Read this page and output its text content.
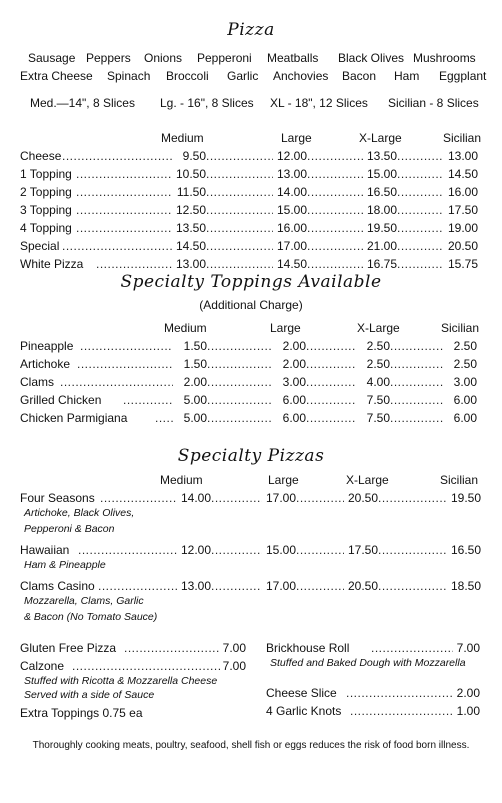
Pizza
Sausage Peppers Onions Pepperoni Meatballs Black Olives Mushrooms
Extra Cheese Spinach Broccoli Garlic Anchovies Bacon Ham Eggplant
Med.—14", 8 Slices Lg. - 16", 8 Slices XL - 18", 12 Slices Sicilian - 8 Slices
Medium	Large	X-Large	Sicilian
Cheese .....	9.50 .....	12.00 .....	13.50 .....	13.00
1 Topping .....	10.50 .....	13.00 .....	15.00 .....	14.50
2 Topping .....	11.50 .....	14.00 .....	16.50 .....	16.00
3 Topping .....	12.50 .....	15.00 .....	18.00 .....	17.50
4 Topping .....	13.50 .....	16.00 .....	19.50 .....	19.00
Special .....	14.50 .....	17.00 .....	21.00 .....	20.50
White Pizza .....	13.00 .....	14.50 .....	16.75 .....	15.75
Specialty Toppings Available
(Additional Charge)
Medium	Large	X-Large	Sicilian
Pineapple .....	1.50 .....	2.00 .....	2.50 .....	2.50
Artichoke .....	1.50 .....	2.00 .....	2.50 .....	2.50
Clams .....	2.00 .....	3.00 .....	4.00 .....	3.00
Grilled Chicken .....	5.00 .....	6.00 .....	7.50 .....	6.00
Chicken Parmigiana .....	5.00 .....	6.00 .....	7.50 .....	6.00
Specialty Pizzas
Medium	Large	X-Large	Sicilian
Four Seasons .....	14.00 .....	17.00 .....	20.50 .....	19.50
Artichoke, Black Olives,
Pepperoni & Bacon
Hawaiian .....	12.00 .....	15.00 .....	17.50 .....	16.50
Ham & Pineapple
Clams Casino .....	13.00 .....	17.00 .....	20.50 .....	18.50
Mozzarella, Clams, Garlic
& Bacon (No Tomato Sauce)
Gluten Free Pizza .....	7.00
Calzone .....	7.00
Stuffed with Ricotta & Mozzarella Cheese
Served with a side of Sauce
Extra Toppings 0.75 ea
Brickhouse Roll .....	7.00
Stuffed and Baked Dough with Mozzarella
Cheese Slice .....	2.00
4 Garlic Knots .....	1.00
Thoroughly cooking meats, poultry, seafood, shell fish or eggs reduces the risk of food born illness.
